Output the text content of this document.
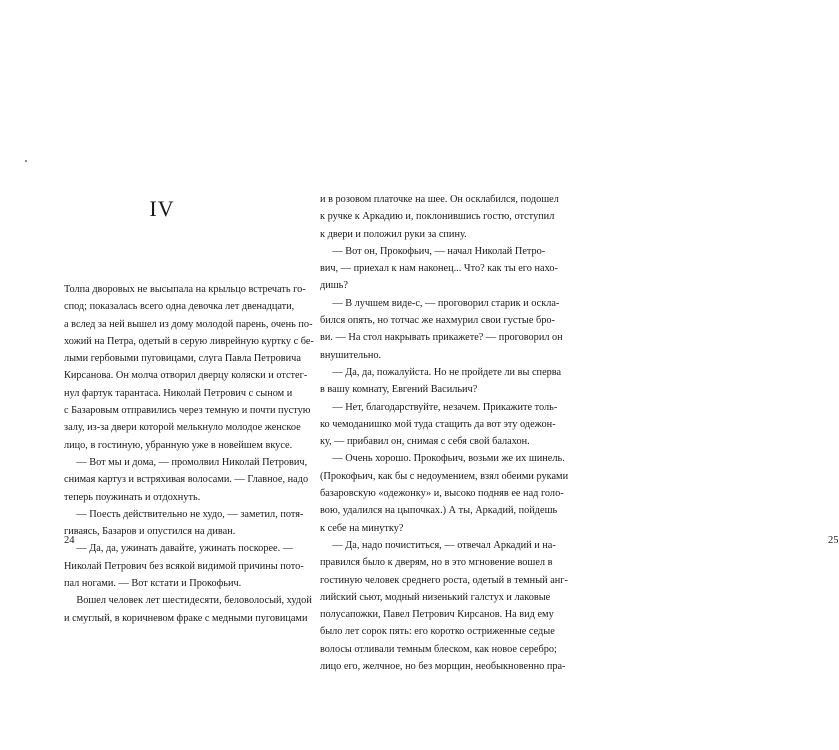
IV
Толпа дворовых не высыпала на крыльцо встречать го-
спод; показалась всего одна девочка лет двенадцати,
а вслед за ней вышел из дому молодой парень, очень по-
хожий на Петра, одетый в серую ливрейную куртку с бе-
лыми гербовыми пуговицами, слуга Павла Петровича
Кирсанова. Он молча отворил дверцу коляски и отстег-
нул фартук тарантаса. Николай Петрович с сыном и
с Базаровым отправились через темную и почти пустую
залу, из-за двери которой мелькнуло молодое женское
лицо, в гостиную, убранную уже в новейшем вкусе.
— Вот мы и дома, — промолвил Николай Петрович,
снимая картуз и встряхивая волосами. — Главное, надо
теперь поужинать и отдохнуть.
— Поесть действительно не худо, — заметил, потя-
гиваясь, Базаров и опустился на диван.
— Да, да, ужинать давайте, ужинать поскорее. —
Николай Петрович без всякой видимой причины пото-
пал ногами. — Вот кстати и Прокофьич.
Вошел человек лет шестидесяти, беловолосый, худой
и смуглый, в коричневом фраке с медными пуговицами
24	25
и в розовом платочке на шее. Он осклабился, подошел
к ручке к Аркадию и, поклонившись гостю, отступил
к двери и положил руки за спину.
— Вот он, Прокофьич, — начал Николай Петро-
вич, — приехал к нам наконец... Что? как ты его нахо-
дишь?
— В лучшем виде-с, — проговорил старик и оскла-
бился опять, но тотчас же нахмурил свои густые бро-
ви. — На стол накрывать прикажете? — проговорил он
внушительно.
— Да, да, пожалуйста. Но не пройдете ли вы сперва
в вашу комнату, Евгений Васильич?
— Нет, благодарствуйте, незачем. Прикажите толь-
ко чемоданишко мой туда стащить да вот эту одежон-
ку, — прибавил он, снимая с себя свой балахон.
— Очень хорошо. Прокофьич, возьми же их шинель.
(Прокофьич, как бы с недоумением, взял обеими руками
базаровскую «одежонку» и, высоко подняв ее над голо-
вою, удалился на цыпочках.) А ты, Аркадий, пойдешь
к себе на минутку?
— Да, надо почиститься, — отвечал Аркадий и на-
правился было к дверям, но в это мгновение вошел в
гостиную человек среднего роста, одетый в темный анг-
лийский сьют, модный низенький галстух и лаковые
полусапожки, Павел Петрович Кирсанов. На вид ему
было лет сорок пять: его коротко остриженные седые
волосы отливали темным блеском, как новое серебро;
лицо его, желчное, но без морщин, необыкновенно пра-
